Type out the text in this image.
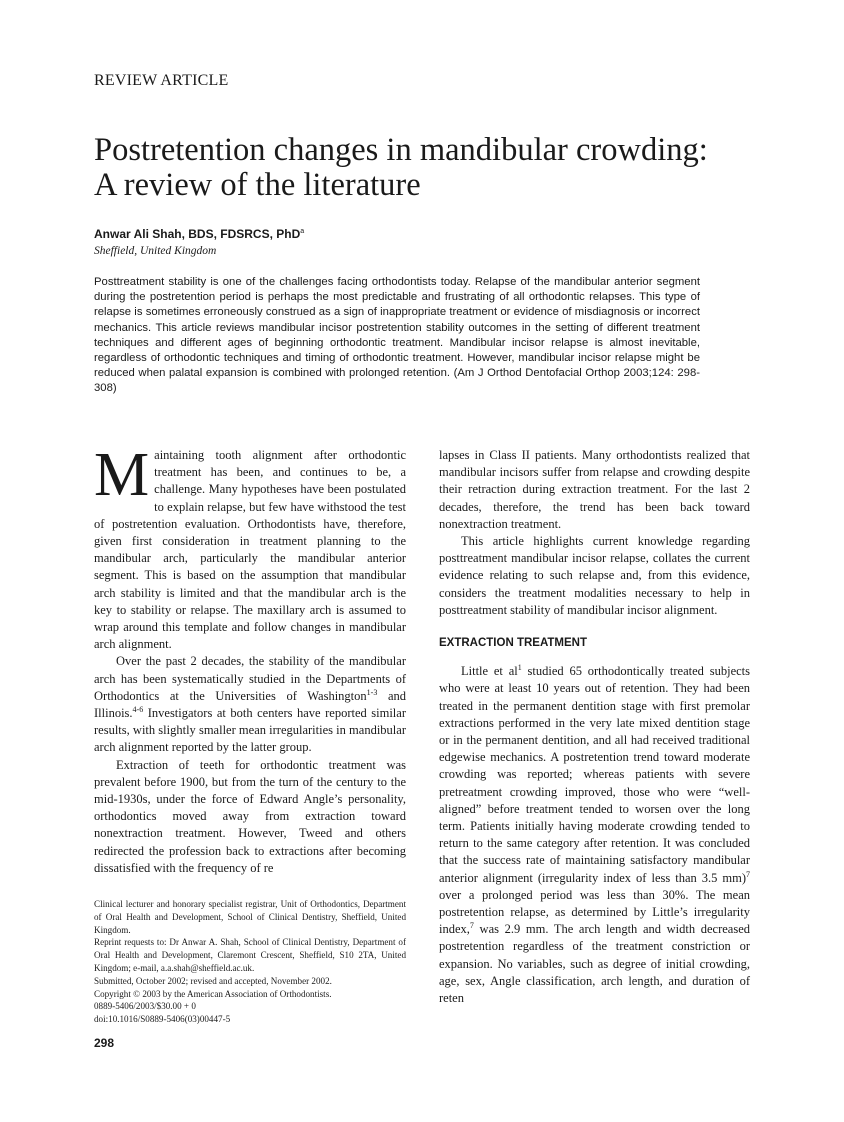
REVIEW ARTICLE
Postretention changes in mandibular crowding:
A review of the literature
Anwar Ali Shah, BDS, FDSRCS, PhD$^a$
Sheffield, United Kingdom

Posttreatment stability is one of the challenges facing orthodontists today. Relapse of the mandibular anterior segment during the postretention period is perhaps the most predictable and frustrating of all orthodontic relapses. This type of relapse is sometimes erroneously construed as a sign of inappropriate treatment or evidence of misdiagnosis or incorrect mechanics. This article reviews mandibular incisor postretention stability outcomes in the setting of different treatment techniques and different ages of beginning orthodontic treatment. Mandibular incisor relapse is almost inevitable, regardless of orthodontic techniques and timing of orthodontic treatment. However, mandibular incisor relapse might be reduced when palatal expansion is combined with prolonged retention. (Am J Orthod Dentofacial Orthop 2003;124: 298-308)

Maintaining tooth alignment after orthodontic treatment has been, and continues to be, a challenge. Many hypotheses have been postulated to explain relapse, but few have withstood the test of postretention evaluation. Orthodontists have, therefore, given first consideration in treatment planning to the mandibular arch, particularly the mandibular anterior segment. This is based on the assumption that mandibular arch stability is limited and that the mandibular arch is the key to stability or relapse. The maxillary arch is assumed to wrap around this template and follow changes in mandibular arch alignment.

Over the past 2 decades, the stability of the mandibular arch has been systematically studied in the Departments of Orthodontics at the Universities of Washington$^{1-3}$ and Illinois.$^{4-6}$ Investigators at both centers have reported similar results, with slightly smaller mean irregularities in mandibular arch alignment reported by the latter group.

Extraction of teeth for orthodontic treatment was prevalent before 1900, but from the turn of the century to the mid-1930s, under the force of Edward Angle’s personality, orthodontics moved away from extraction toward nonextraction treatment. However, Tweed and others redirected the profession back to extractions after becoming dissatisfied with the frequency of re

Clinical lecturer and honorary specialist registrar, Unit of Orthodontics, Department of Oral Health and Development, School of Clinical Dentistry, Sheffield, United Kingdom.
Reprint requests to: Dr Anwar A. Shah, School of Clinical Dentistry, Department of Oral Health and Development, Claremont Crescent, Sheffield, S10 2TA, United Kingdom; e-mail, a.a.shah@sheffield.ac.uk.
Submitted, October 2002; revised and accepted, November 2002.
Copyright © 2003 by the American Association of Orthodontists.
0889-5406/2003/$30.00 + 0
doi:10.1016/S0889-5406(03)00447-5

lapses in Class II patients. Many orthodontists realized that mandibular incisors suffer from relapse and crowding despite their retraction during extraction treatment. For the last 2 decades, therefore, the trend has been back toward nonextraction treatment.

This article highlights current knowledge regarding posttreatment mandibular incisor relapse, collates the current evidence relating to such relapse and, from this evidence, considers the treatment modalities necessary to help in posttreatment stability of mandibular incisor alignment.

EXTRACTION TREATMENT

Little et $al^1$ studied 65 orthodontically treated subjects who were at least 10 years out of retention. They had been treated in the permanent dentition stage with first premolar extractions performed in the very late mixed dentition stage or in the permanent dentition, and all had received traditional edgewise mechanics. A postretention trend toward moderate crowding was reported; whereas patients with severe pretreatment crowding improved, those who were “well-aligned” before treatment tended to worsen over the long term. Patients initially having moderate crowding tended to return to the same category after retention. It was concluded that the success rate of maintaining satisfactory mandibular anterior alignment (irregularity index of less than 3.5 mm)$^7$ over a prolonged period was less than 30%. The mean postretention relapse, as determined by Little’s irregularity index,$^7$ was 2.9 mm. The arch length and width decreased postretention regardless of the treatment constriction or expansion. No variables, such as degree of initial crowding, age, sex, Angle classification, arch length, and duration of reten

298
